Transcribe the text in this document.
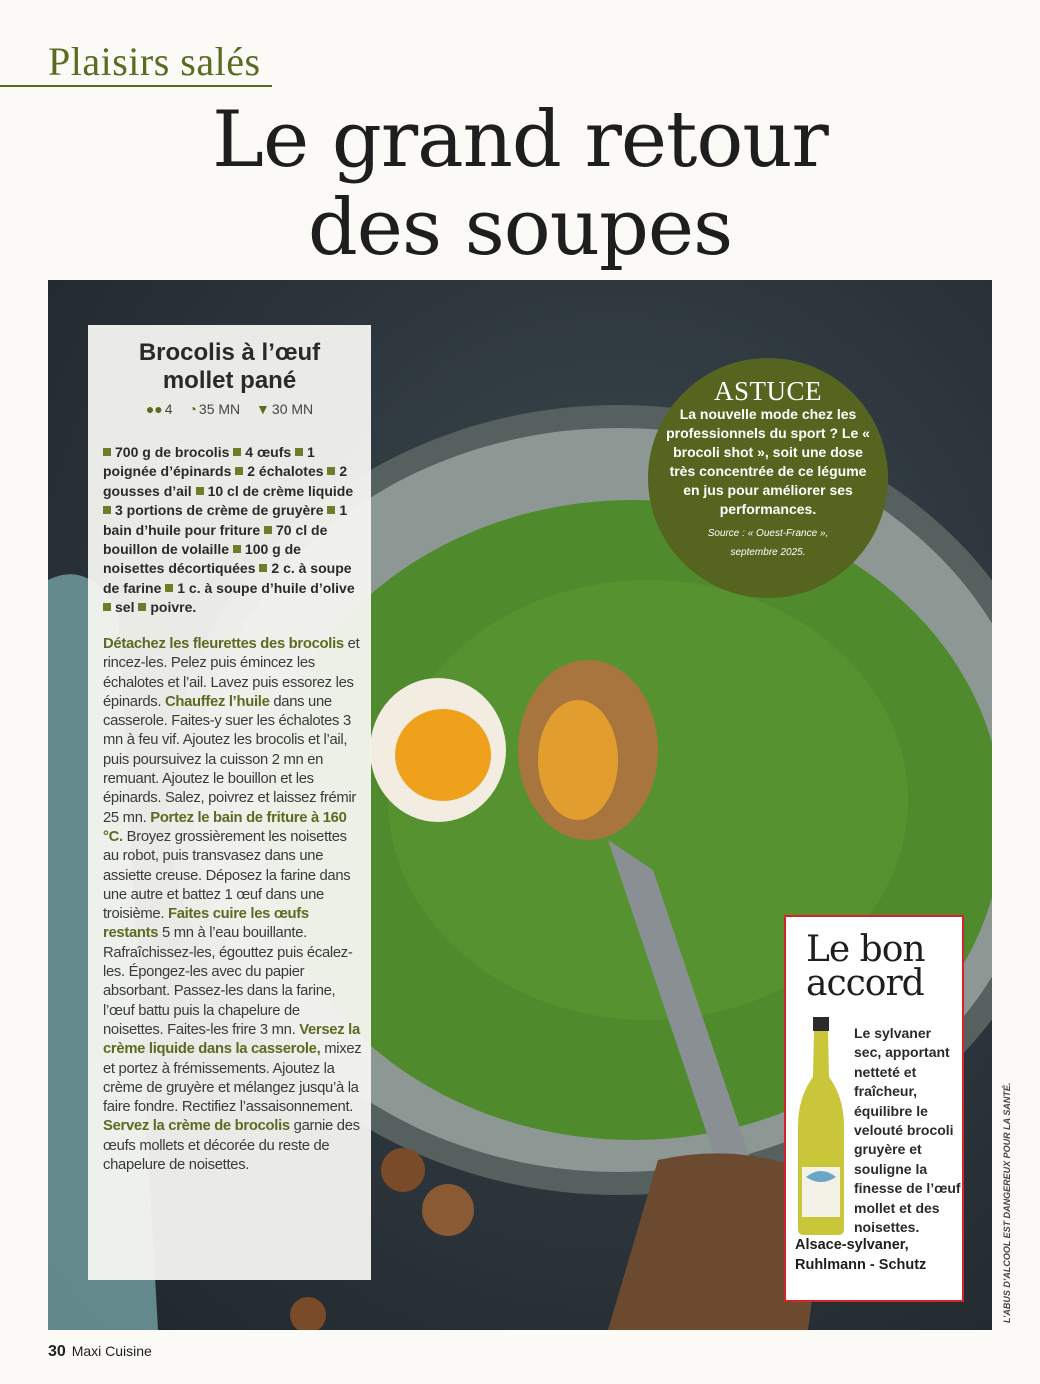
Plaisirs salés
Le grand retour
des soupes
Brocolis à l’œuf
mollet pané
●● 4 ◔ 35 MN ▼ 30 MN
700 g de brocolis 4 œufs 1 poignée d’épinards 2 échalotes 2 gousses d’ail 10 cl de crème liquide 3 portions de crème de gruyère 1 bain d’huile pour friture 70 cl de bouillon de volaille 100 g de noisettes décortiquées 2 c. à soupe de farine 1 c. à soupe d’huile d’olive sel poivre.
Détachez les fleurettes des brocolis et rincez-les. Pelez puis émincez les échalotes et l’ail. Lavez puis essorez les épinards. Chauffez l’huile dans une casserole. Faites-y suer les échalotes 3 mn à feu vif. Ajoutez les brocolis et l’ail, puis poursuivez la cuisson 2 mn en remuant. Ajoutez le bouillon et les épinards. Salez, poivrez et laissez frémir 25 mn. Portez le bain de friture à 160 °C. Broyez grossièrement les noisettes au robot, puis transvasez dans une assiette creuse. Déposez la farine dans une autre et battez 1 œuf dans une troisième. Faites cuire les œufs restants 5 mn à l’eau bouillante. Rafraîchissez-les, égouttez puis écalez-les. Épongez-les avec du papier absorbant. Passez-les dans la farine, l’œuf battu puis la chapelure de noisettes. Faites-les frire 3 mn. Versez la crème liquide dans la casserole, mixez et portez à frémissements. Ajoutez la crème de gruyère et mélangez jusqu’à la faire fondre. Rectifiez l’assaisonnement. Servez la crème de brocolis garnie des œufs mollets et décorée du reste de chapelure de noisettes.
ASTUCE
La nouvelle mode chez les professionnels du sport ? Le « brocoli shot », soit une dose très concentrée de ce légume en jus pour améliorer ses performances.
Source : « Ouest-France »,
septembre 2025.
Le bon
accord
Le sylvaner sec, apportant netteté et fraîcheur, équilibre le velouté brocoli gruyère et souligne la finesse de l’œuf mollet et des noisettes.
Alsace-sylvaner,
Ruhlmann - Schutz	L’ABUS D’ALCOOL EST DANGEREUX POUR LA SANTÉ.
30 Maxi Cuisine
